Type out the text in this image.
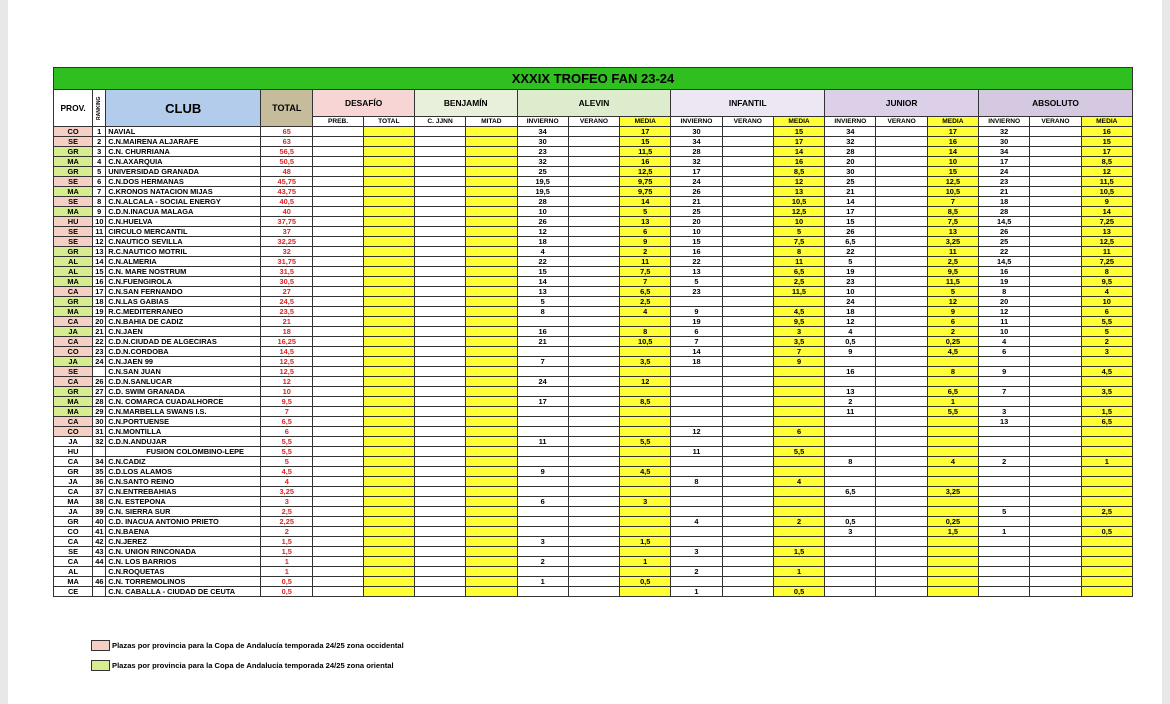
XXXIX TROFEO FAN 23-24																			
PROV.	RANKING	CLUB	TOTAL	DESAFÍO		BENJAMÍN		ALEVIN			INFANTIL			JUNIOR			ABSOLUTO		
				PREB.	TOTAL	C. JJNN	MITAD	INVIERNO	VERANO	MEDIA	INVIERNO	VERANO	MEDIA	INVIERNO	VERANO	MEDIA	INVIERNO	VERANO	MEDIA
CO	1	NAVIAL	65					34		17	30		15	34		17	32		16
SE	2	C.N.MAIRENA ALJARAFE	63					30		15	34		17	32		16	30		15
GR	3	C.N. CHURRIANA	56,5					23		11,5	28		14	28		14	34		17
MA	4	C.N.AXARQUIA	50,5					32		16	32		16	20		10	17		8,5
GR	5	UNIVERSIDAD GRANADA	48					25		12,5	17		8,5	30		15	24		12
SE	6	C.N.DOS HERMANAS	45,75					19,5		9,75	24		12	25		12,5	23		11,5
MA	7	C.KRONOS NATACION MIJAS	43,75					19,5		9,75	26		13	21		10,5	21		10,5
SE	8	C.N.ALCALA - SOCIAL ENERGY	40,5					28		14	21		10,5	14		7	18		9
MA	9	C.D.N.INACUA MALAGA	40					10		5	25		12,5	17		8,5	28		14
HU	10	C.N.HUELVA	37,75					26		13	20		10	15		7,5	14,5		7,25
SE	11	CIRCULO MERCANTIL	37					12		6	10		5	26		13	26		13
SE	12	C.NAUTICO SEVILLA	32,25					18		9	15		7,5	6,5		3,25	25		12,5
GR	13	R.C.NAUTICO MOTRIL	32					4		2	16		8	22		11	22		11
AL	14	C.N.ALMERIA	31,75					22		11	22		11	5		2,5	14,5		7,25
AL	15	C.N. MARE NOSTRUM	31,5					15		7,5	13		6,5	19		9,5	16		8
MA	16	C.N.FUENGIROLA	30,5					14		7	5		2,5	23		11,5	19		9,5
CA	17	C.N.SAN FERNANDO	27					13		6,5	23		11,5	10		5	8		4
GR	18	C.N.LAS GABIAS	24,5					5		2,5				24		12	20		10
MA	19	R.C.MEDITERRANEO	23,5					8		4	9		4,5	18		9	12		6
CA	20	C.N.BAHIA DE CADIZ	21								19		9,5	12		6	11		5,5
JA	21	C.N.JAEN	18					16		8	6		3	4		2	10		5
CA	22	C.D.N.CIUDAD DE ALGECIRAS	16,25					21		10,5	7		3,5	0,5		0,25	4		2
CO	23	C.D.N.CORDOBA	14,5								14		7	9		4,5	6		3
JA	24	C.N.JAEN 99	12,5					7		3,5	18		9						
SE		C.N.SAN JUAN	12,5											16		8	9		4,5
CA	26	C.D.N.SANLUCAR	12					24		12									
GR	27	C.D. SWIM GRANADA	10											13		6,5	7		3,5
MA	28	C.N. COMARCA CUADALHORCE	9,5					17		8,5				2		1			
MA	29	C.N.MARBELLA SWANS I.S.	7											11		5,5	3		1,5
CA	30	C.N.PORTUENSE	6,5														13		6,5
CO	31	C.N.MONTILLA	6								12		6						
JA	32	C.D.N.ANDUJAR	5,5					11		5,5									
HU		FUSION COLOMBINO-LEPE	5,5								11		5,5						
CA	34	C.N.CADIZ	5											8		4	2		1
GR	35	C.D.LOS ALAMOS	4,5					9		4,5									
JA	36	C.N.SANTO REINO	4								8		4						
CA	37	C.N.ENTREBAHIAS	3,25											6,5		3,25			
MA	38	C.N. ESTEPONA	3					6		3									
JA	39	C.N. SIERRA SUR	2,5														5		2,5
GR	40	C.D. INACUA ANTONIO PRIETO	2,25								4		2	0,5		0,25			
CO	41	C.N.BAENA	2											3		1,5	1		0,5
CA	42	C.N.JEREZ	1,5					3		1,5									
SE	43	C.N. UNION RINCONADA	1,5								3		1,5						
CA	44	C.N. LOS BARRIOS	1					2		1									
AL		C.N.ROQUETAS	1								2		1						
MA	46	C.N. TORREMOLINOS	0,5					1		0,5									
CE		C.N. CABALLA - CIUDAD DE CEUTA	0,5								1		0,5						
Plazas por provincia para la Copa de Andalucía temporada 24/25 zona occidental
Plazas por provincia para la Copa de Andalucía temporada 24/25 zona oriental
